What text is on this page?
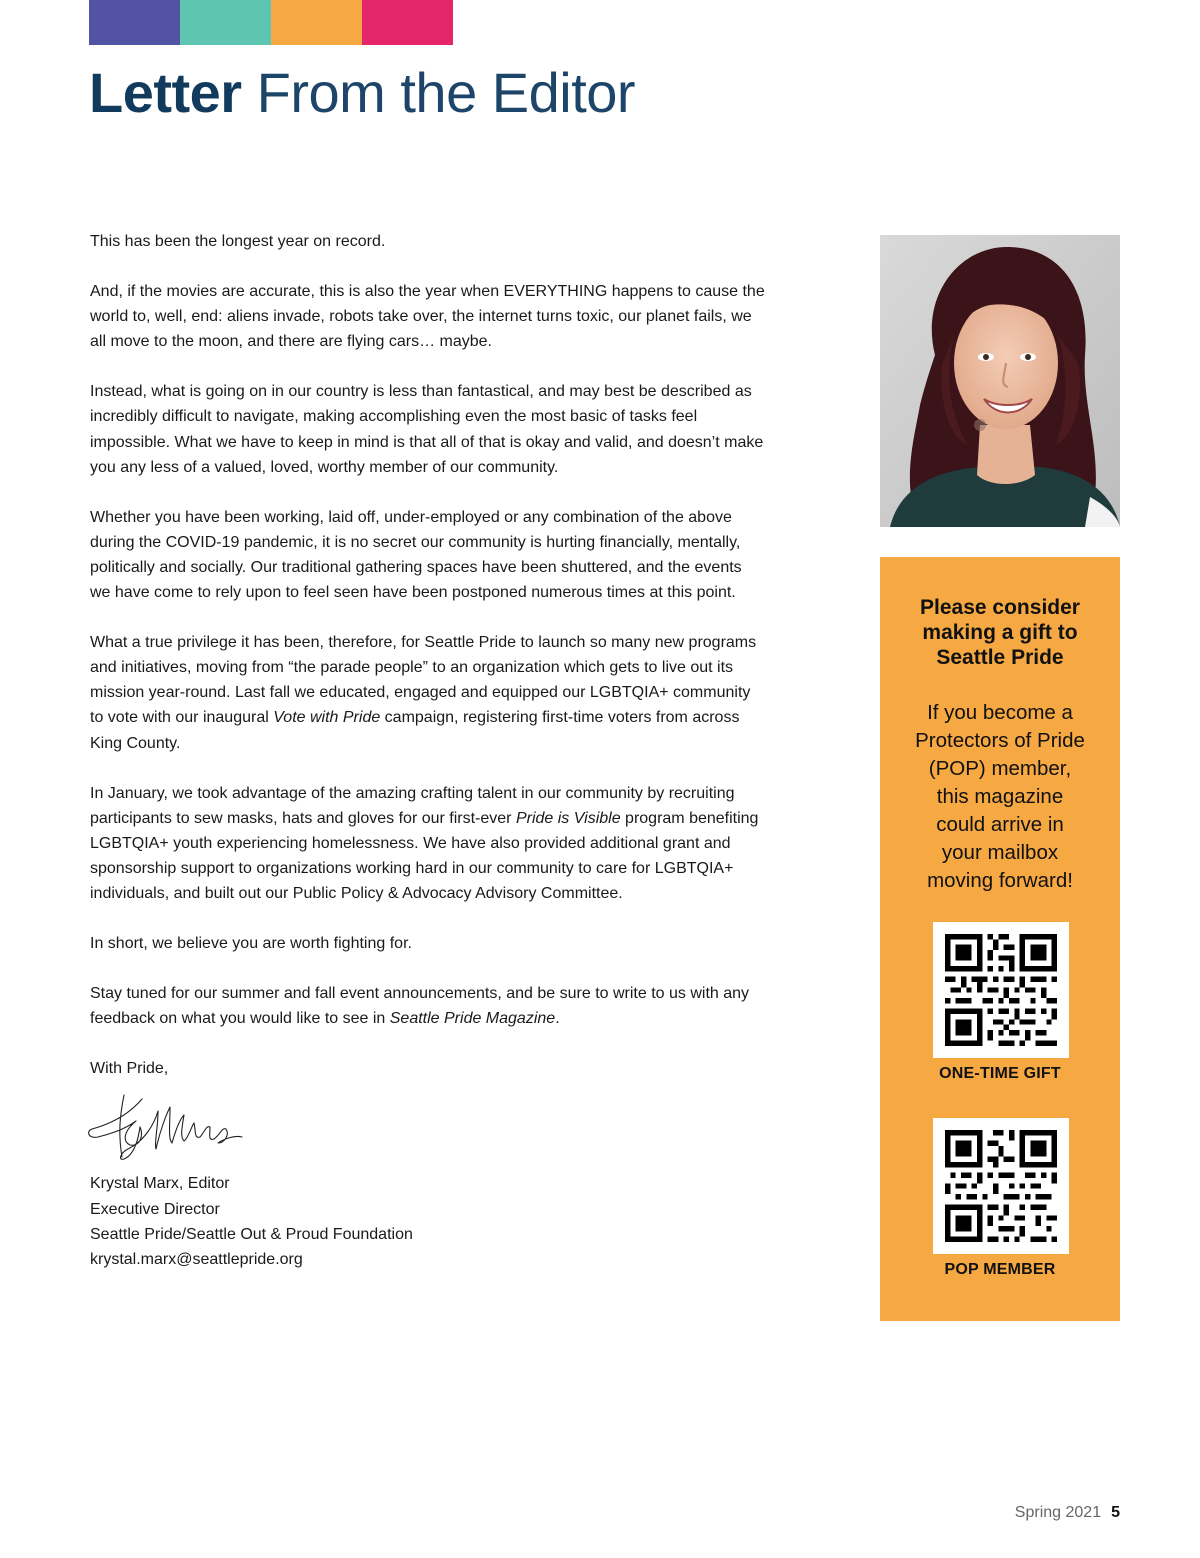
Letter From the Editor

This has been the longest year on record.

And, if the movies are accurate, this is also the year when EVERYTHING happens to cause the world to, well, end: aliens invade, robots take over, the internet turns toxic, our planet fails, we all move to the moon, and there are flying cars… maybe.

Instead, what is going on in our country is less than fantastical, and may best be described as incredibly difficult to navigate, making accomplishing even the most basic of tasks feel impossible. What we have to keep in mind is that all of that is okay and valid, and doesn’t make you any less of a valued, loved, worthy member of our community.

Whether you have been working, laid off, under-employed or any combination of the above during the COVID-19 pandemic, it is no secret our community is hurting financially, mentally, politically and socially. Our traditional gathering spaces have been shuttered, and the events we have come to rely upon to feel seen have been postponed numerous times at this point.

What a true privilege it has been, therefore, for Seattle Pride to launch so many new programs and initiatives, moving from “the parade people” to an organization which gets to live out its mission year-round. Last fall we educated, engaged and equipped our LGBTQIA+ community to vote with our inaugural Vote with Pride campaign, registering first-time voters from across King County.

In January, we took advantage of the amazing crafting talent in our community by recruiting participants to sew masks, hats and gloves for our first-ever Pride is Visible program benefiting LGBTQIA+ youth experiencing homelessness. We have also provided additional grant and sponsorship support to organizations working hard in our community to care for LGBTQIA+ individuals, and built out our Public Policy & Advocacy Advisory Committee.

In short, we believe you are worth fighting for.

Stay tuned for our summer and fall event announcements, and be sure to write to us with any feedback on what you would like to see in Seattle Pride Magazine.

With Pride,

Krystal Marx, Editor

Executive Director

Seattle Pride/Seattle Out & Proud Foundation

krystal.marx@seattlepride.org

Please consider
making a gift to
Seattle Pride

If you become a
Protectors of Pride
(POP) member,
this magazine
could arrive in
your mailbox
moving forward!

ONE-TIME GIFT
POP MEMBER
Spring 2021 5
